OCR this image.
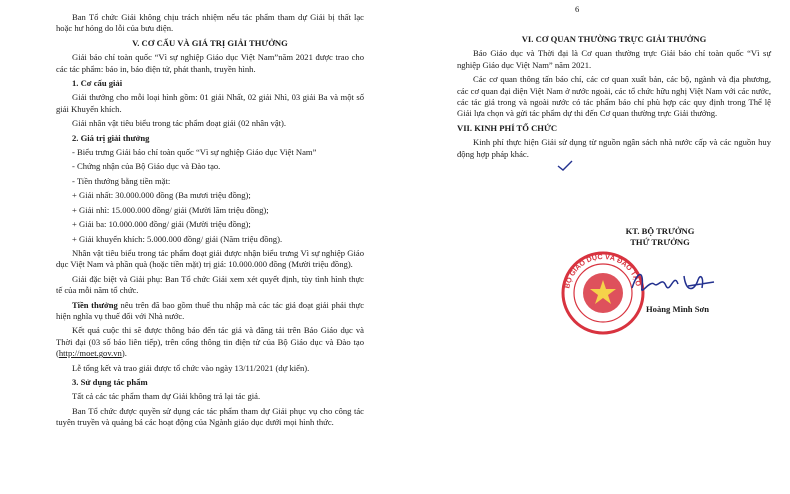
6

Ban Tổ chức Giải không chịu trách nhiệm nếu tác phẩm tham dự Giải bị thất lạc hoặc hư hỏng do lỗi của bưu điện.

V. CƠ CẤU VÀ GIÁ TRỊ GIẢI THƯỞNG

Giải báo chí toàn quốc “Vì sự nghiệp Giáo dục Việt Nam”năm 2021 được trao cho các tác phẩm: báo in, báo điện tử, phát thanh, truyền hình.

1. Cơ cấu giải

Giải thưởng cho mỗi loại hình gồm: 01 giải Nhất, 02 giải Nhì, 03 giải Ba và một số giải Khuyến khích.

Giải nhân vật tiêu biểu trong tác phẩm đoạt giải (02 nhân vật).

2. Giá trị giải thưởng

- Biểu trưng Giải báo chí toàn quốc “Vì sự nghiệp Giáo dục Việt Nam”

- Chứng nhận của Bộ Giáo dục và Đào tạo.

- Tiền thưởng bằng tiền mặt:

+ Giải nhất: 30.000.000 đồng (Ba mươi triệu đồng);

+ Giải nhì: 15.000.000 đồng/ giải (Mười lăm triệu đồng);

+ Giải ba: 10.000.000 đồng/ giải (Mười triệu đồng);

+ Giải khuyến khích: 5.000.000 đồng/ giải (Năm triệu đồng).

Nhân vật tiêu biểu trong tác phẩm đoạt giải được nhận biểu trưng Vì sự nghiệp Giáo dục Việt Nam và phần quà (hoặc tiền mặt) trị giá: 10.000.000 đồng (Mười triệu đồng).

Giải đặc biệt và Giải phụ: Ban Tổ chức Giải xem xét quyết định, tùy tình hình thực tế của mỗi năm tổ chức.

Tiền thưởng nêu trên đã bao gồm thuế thu nhập mà các tác giả đoạt giải phải thực hiện nghĩa vụ thuế đối với Nhà nước.

Kết quả cuộc thi sẽ được thông báo đến tác giả và đăng tải trên Báo Giáo dục và Thời đại (03 số báo liên tiếp), trên cổng thông tin điện tử của Bộ Giáo dục và Đào tạo (http://moet.gov.vn).

Lễ tổng kết và trao giải được tổ chức vào ngày 13/11/2021 (dự kiến).

3. Sử dụng tác phẩm

Tất cả các tác phẩm tham dự Giải không trả lại tác giả.

Ban Tổ chức được quyền sử dụng các tác phẩm tham dự Giải phục vụ cho công tác tuyên truyền và quảng bá các hoạt động của Ngành giáo dục dưới mọi hình thức.

VI. CƠ QUAN THƯỜNG TRỰC GIẢI THƯỞNG

Báo Giáo dục và Thời đại là Cơ quan thường trực Giải báo chí toàn quốc “Vì sự nghiệp Giáo dục Việt Nam” năm 2021.

Các cơ quan thông tấn báo chí, các cơ quan xuất bản, các bộ, ngành và địa phương, các cơ quan đại diện Việt Nam ở nước ngoài, các tổ chức hữu nghị Việt Nam với các nước, các tác giả trong và ngoài nước có tác phẩm báo chí phù hợp các quy định trong Thể lệ Giải lựa chọn và gửi tác phẩm dự thi đến Cơ quan thường trực Giải thưởng.

VII. KINH PHÍ TỔ CHỨC

Kinh phí thực hiện Giải sử dụng từ nguồn ngân sách nhà nước cấp và các nguồn huy động hợp pháp khác.

KT. BỘ TRƯỞNG
THỨ TRƯỞNG
BỘ GIÁO DỤC VÀ ĐÀO TẠO
Hoàng Minh Sơn
